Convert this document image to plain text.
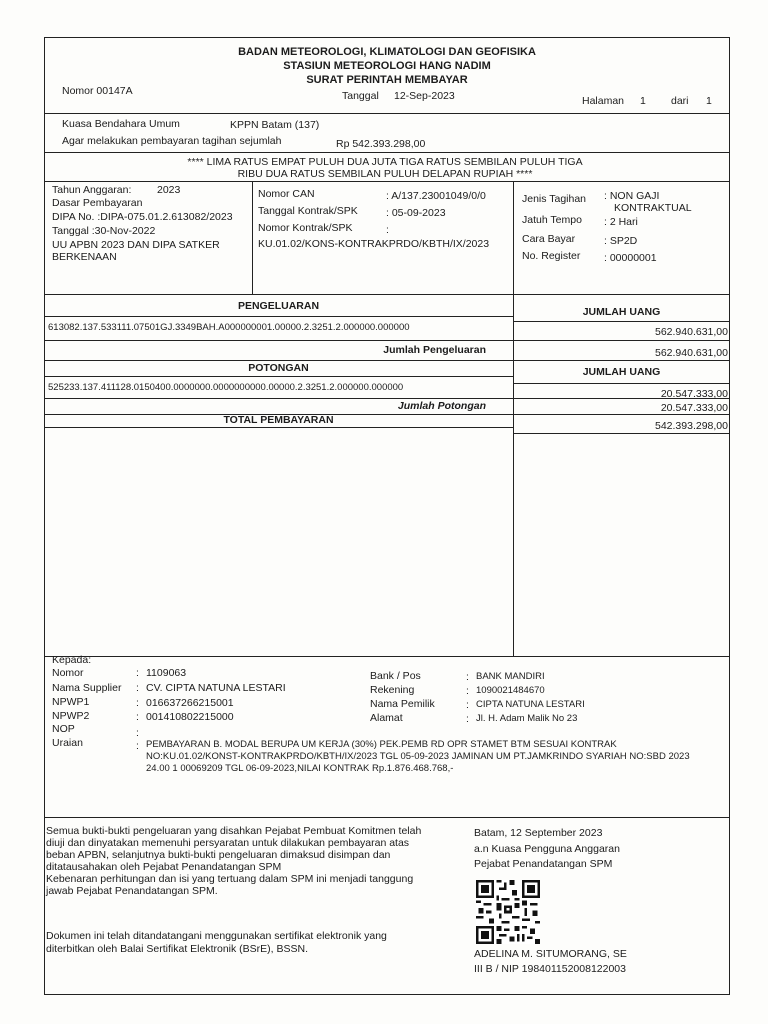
BADAN METEOROLOGI, KLIMATOLOGI DAN GEOFISIKA
STASIUN METEOROLOGI HANG NADIM
SURAT PERINTAH MEMBAYAR
Nomor 00147A	Tanggal 12-Sep-2023	Halaman 1 dari 1
Kuasa Bendahara Umum	KPPN Batam (137)
Agar melakukan pembayaran tagihan sejumlah	Rp 542.393.298,00
**** LIMA RATUS EMPAT PULUH DUA JUTA TIGA RATUS SEMBILAN PULUH TIGA
RIBU DUA RATUS SEMBILAN PULUH DELAPAN RUPIAH ****
Tahun Anggaran: 2023
Dasar Pembayaran
DIPA No. :DIPA-075.01.2.613082/2023
Tanggal :30-Nov-2022
UU APBN 2023 DAN DIPA SATKER
BERKENAAN
Nomor CAN	: A/137.23001049/0/0
Tanggal Kontrak/SPK	: 05-09-2023
Nomor Kontrak/SPK	:
KU.01.02/KONS-KONTRAKPRDO/KBTH/IX/2023
Jenis Tagihan : NON GAJI
KONTRAKTUAL
Jatuh Tempo : 2 Hari
Cara Bayar	: SP2D
No. Register : 00000001
PENGELUARAN	JUMLAH UANG
613082.137.533111.07501GJ.3349BAH.A000000001.00000.2.3251.2.000000.000000	562.940.631,00
Jumlah Pengeluaran	562.940.631,00
POTONGAN	JUMLAH UANG
525233.137.411128.0150400.0000000.0000000000.00000.2.3251.2.000000.000000
20.547.333,00
Jumlah Potongan	20.547.333,00
TOTAL PEMBAYARAN	542.393.298,00
Kepada:
Nomor	: 1109063
Nama Supplier : CV. CIPTA NATUNA LESTARI
NPWP1	: 016637266215001
NPWP2	: 001410802215000
NOP	:
Uraian	: PEMBAYARAN B. MODAL BERUPA UM KERJA (30%) PEK.PEMB RD OPR STAMET BTM SESUAI KONTRAK
NO:KU.01.02/KONST-KONTRAKPRDO/KBTH/IX/2023 TGL 05-09-2023 JAMINAN UM PT.JAMKRINDO SYARIAH NO:SBD 2023
24.00 1 00069209 TGL 06-09-2023,NILAI KONTRAK Rp.1.876.468.768,-
Bank / Pos	: BANK MANDIRI
Rekening	: 1090021484670
Nama Pemilik	: CIPTA NATUNA LESTARI
Alamat	: Jl. H. Adam Malik No 23
Semua bukti-bukti pengeluaran yang disahkan Pejabat Pembuat Komitmen telah
diuji dan dinyatakan memenuhi persyaratan untuk dilakukan pembayaran atas
beban APBN, selanjutnya bukti-bukti pengeluaran dimaksud disimpan dan
ditatausahakan oleh Pejabat Penandatangan SPM
Kebenaran perhitungan dan isi yang tertuang dalam SPM ini menjadi tanggung
jawab Pejabat Penandatangan SPM.
Dokumen ini telah ditandatangani menggunakan sertifikat elektronik yang
diterbitkan oleh Balai Sertifikat Elektronik (BSrE), BSSN.
Batam, 12 September 2023
a.n Kuasa Pengguna Anggaran
Pejabat Penandatangan SPM
ADELINA M. SITUMORANG, SE
III B / NIP 198401152008122003
